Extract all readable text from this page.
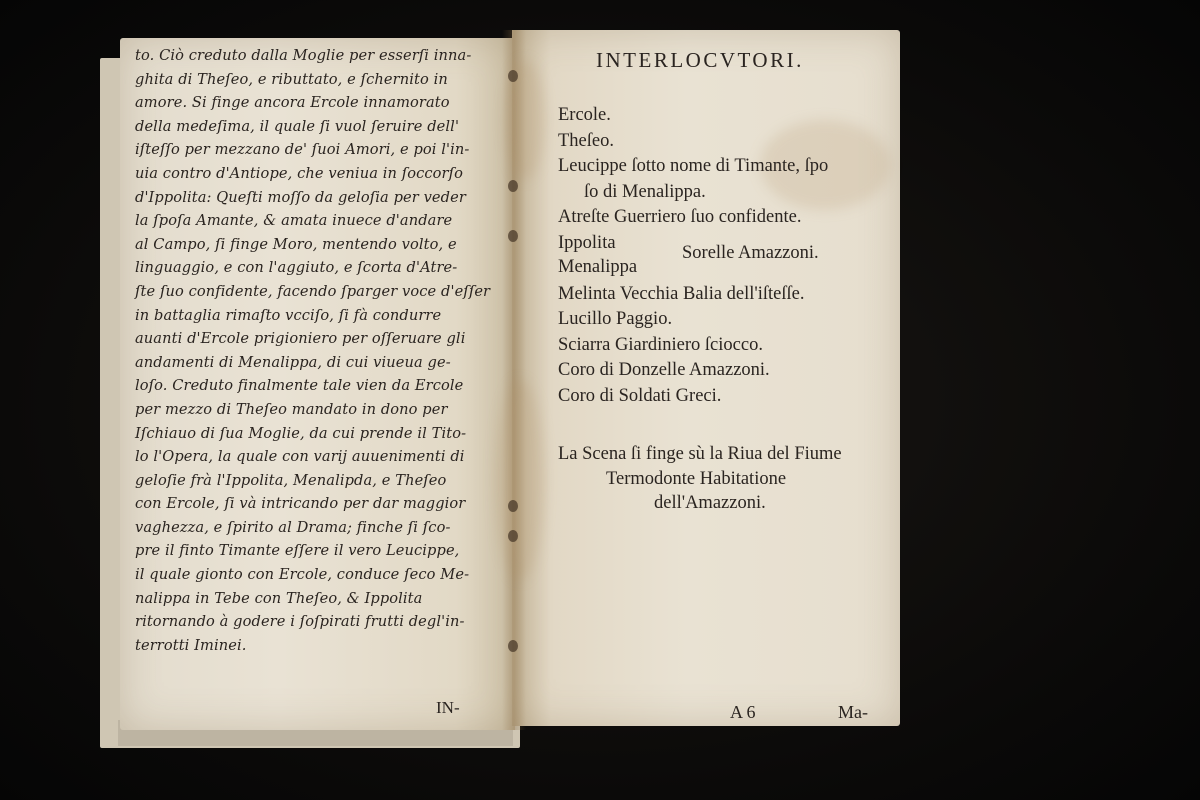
to. Ciò creduto dalla Moglie per esserſi inna-
ghita di Theſeo, e ributtato, e ſchernito in
amore. Si finge ancora Ercole innamorato
della medeſima, il quale ſi vuol ſeruire dell'
iſteſſo per mezzano de' ſuoi Amori, e poi l'in-
uia contro d'Antiope, che veniua in ſoccorſo
d'Ippolita: Queſti moſſo da geloſia per veder
la ſpoſa Amante, & amata inuece d'andare
al Campo, ſi finge Moro, mentendo volto, e
linguaggio, e con l'aggiuto, e ſcorta d'Atre-
ſte ſuo confidente, facendo ſparger voce d'eſſer
in battaglia rimaſto vcciſo, ſi fà condurre
auanti d'Ercole prigioniero per oſſeruare gli
andamenti di Menalippa, di cui viueua ge-
loſo. Creduto finalmente tale vien da Ercole
per mezzo di Theſeo mandato in dono per
Iſchiauo di ſua Moglie, da cui prende il Tito-
lo l'Opera, la quale con varij auuenimenti di
geloſie frà l'Ippolita, Menalipda, e Theſeo
con Ercole, ſi và intricando per dar maggior
vaghezza, e ſpirito al Drama; finche ſi ſco-
pre il finto Timante eſſere il vero Leucippe,
il quale gionto con Ercole, conduce ſeco Me-
nalippa in Tebe con Theſeo, & Ippolita
ritornando à godere i ſoſpirati frutti degl'in-
terrotti Iminei.
IN-
INTERLOCVTORI.
Ercole.
Theſeo.
Leucippe ſotto nome di Timante, ſpo
ſo di Menalippa.
Atreſte Guerriero ſuo confidente.
Ippolita
Menalippa
Sorelle Amazzoni.
Melinta Vecchia Balia dell'iſteſſe.
Lucillo Paggio.
Sciarra Giardiniero ſciocco.
Coro di Donzelle Amazzoni.
Coro di Soldati Greci.
La Scena ſi finge sù la Riua del Fiume
Termodonte Habitatione
dell'Amazzoni.
A 6	Ma-
